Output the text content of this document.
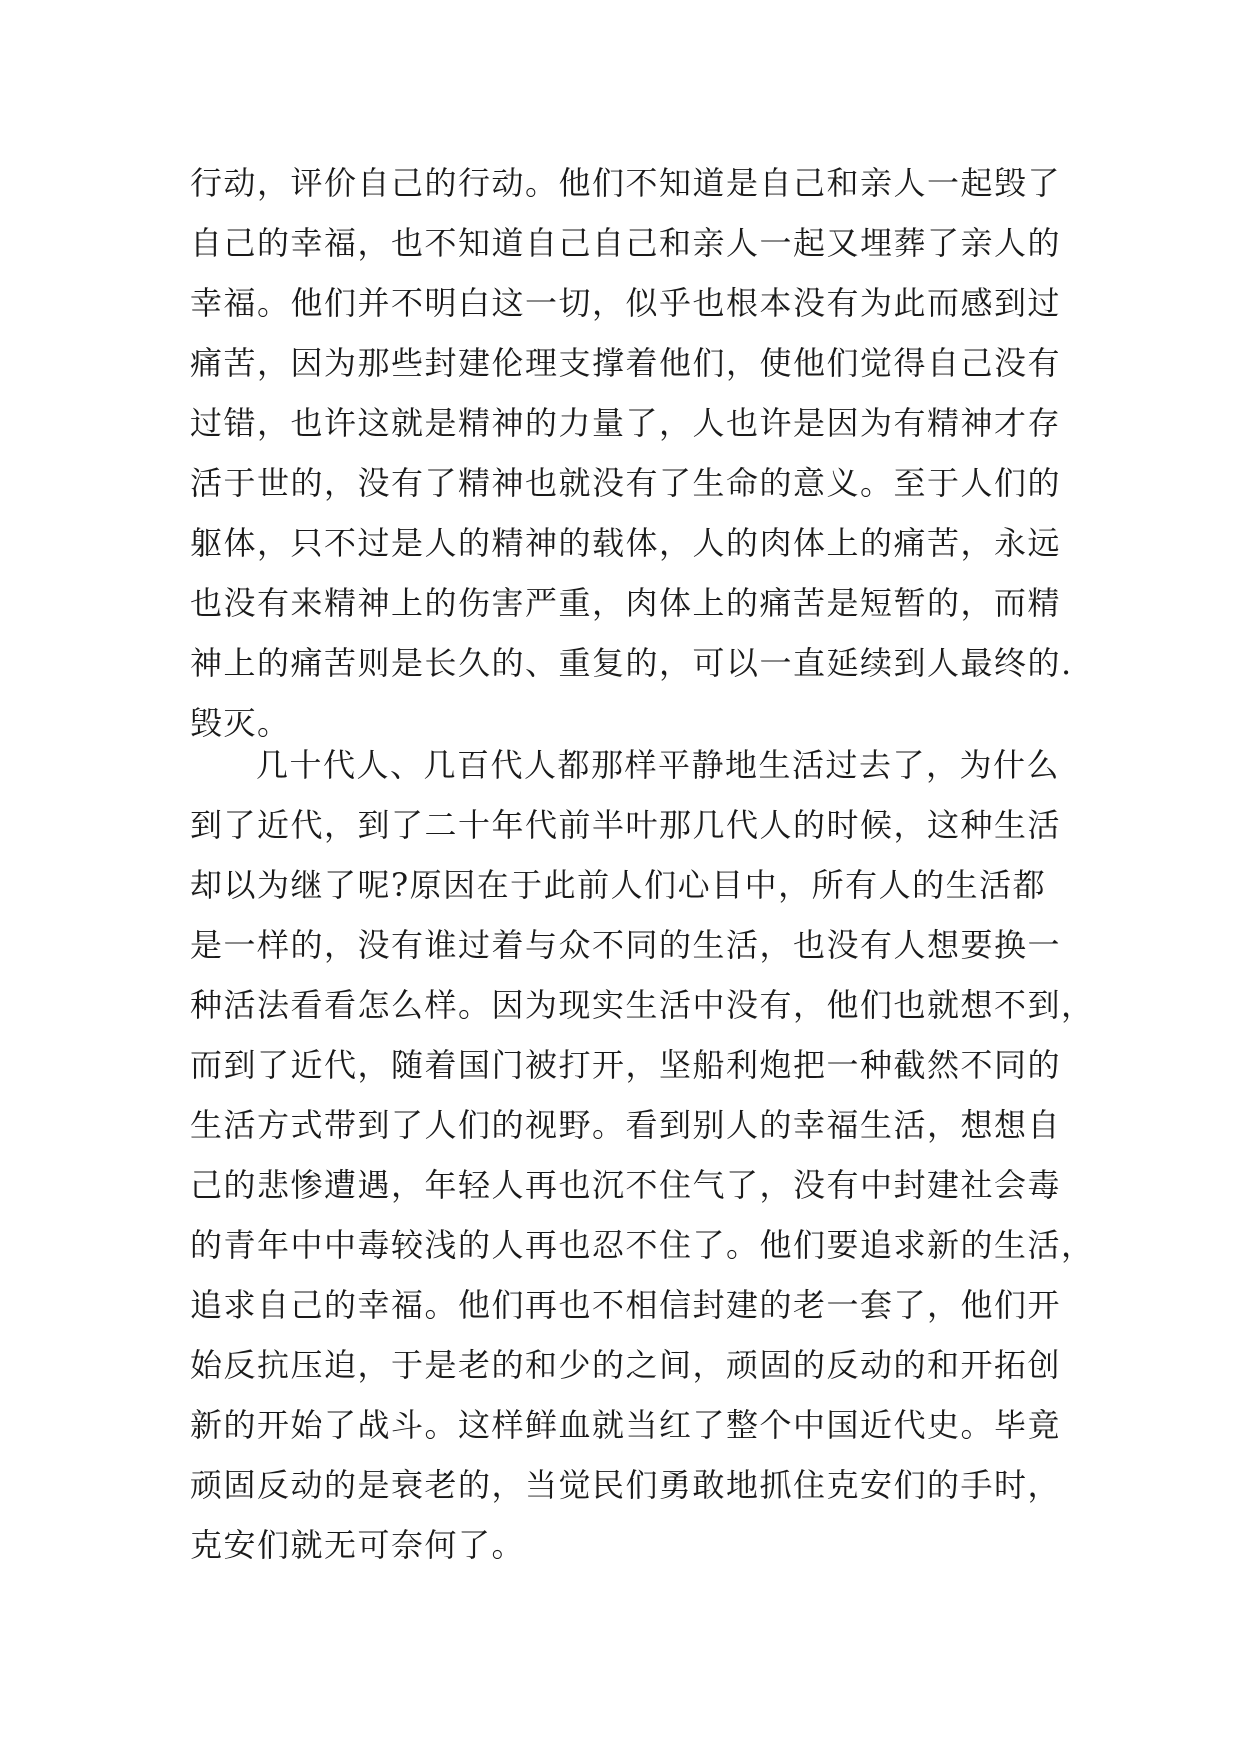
行动，评价自己的行动。他们不知道是自己和亲人一起毁了
自己的幸福，也不知道自己自己和亲人一起又埋葬了亲人的
幸福。他们并不明白这一切，似乎也根本没有为此而感到过
痛苦，因为那些封建伦理支撑着他们，使他们觉得自己没有
过错，也许这就是精神的力量了，人也许是因为有精神才存
活于世的，没有了精神也就没有了生命的意义。至于人们的
躯体，只不过是人的精神的载体，人的肉体上的痛苦，永远
也没有来精神上的伤害严重，肉体上的痛苦是短暂的，而精
神上的痛苦则是长久的、重复的，可以一直延续到人最终的.
毁灭。
几十代人、几百代人都那样平静地生活过去了，为什么
到了近代，到了二十年代前半叶那几代人的时候，这种生活
却以为继了呢?原因在于此前人们心目中，所有人的生活都
是一样的，没有谁过着与众不同的生活，也没有人想要换一
种活法看看怎么样。因为现实生活中没有，他们也就想不到，
而到了近代，随着国门被打开，坚船利炮把一种截然不同的
生活方式带到了人们的视野。看到别人的幸福生活，想想自
己的悲惨遭遇，年轻人再也沉不住气了，没有中封建社会毒
的青年中中毒较浅的人再也忍不住了。他们要追求新的生活，
追求自己的幸福。他们再也不相信封建的老一套了，他们开
始反抗压迫，于是老的和少的之间，顽固的反动的和开拓创
新的开始了战斗。这样鲜血就当红了整个中国近代史。毕竟
顽固反动的是衰老的，当觉民们勇敢地抓住克安们的手时，
克安们就无可奈何了。
